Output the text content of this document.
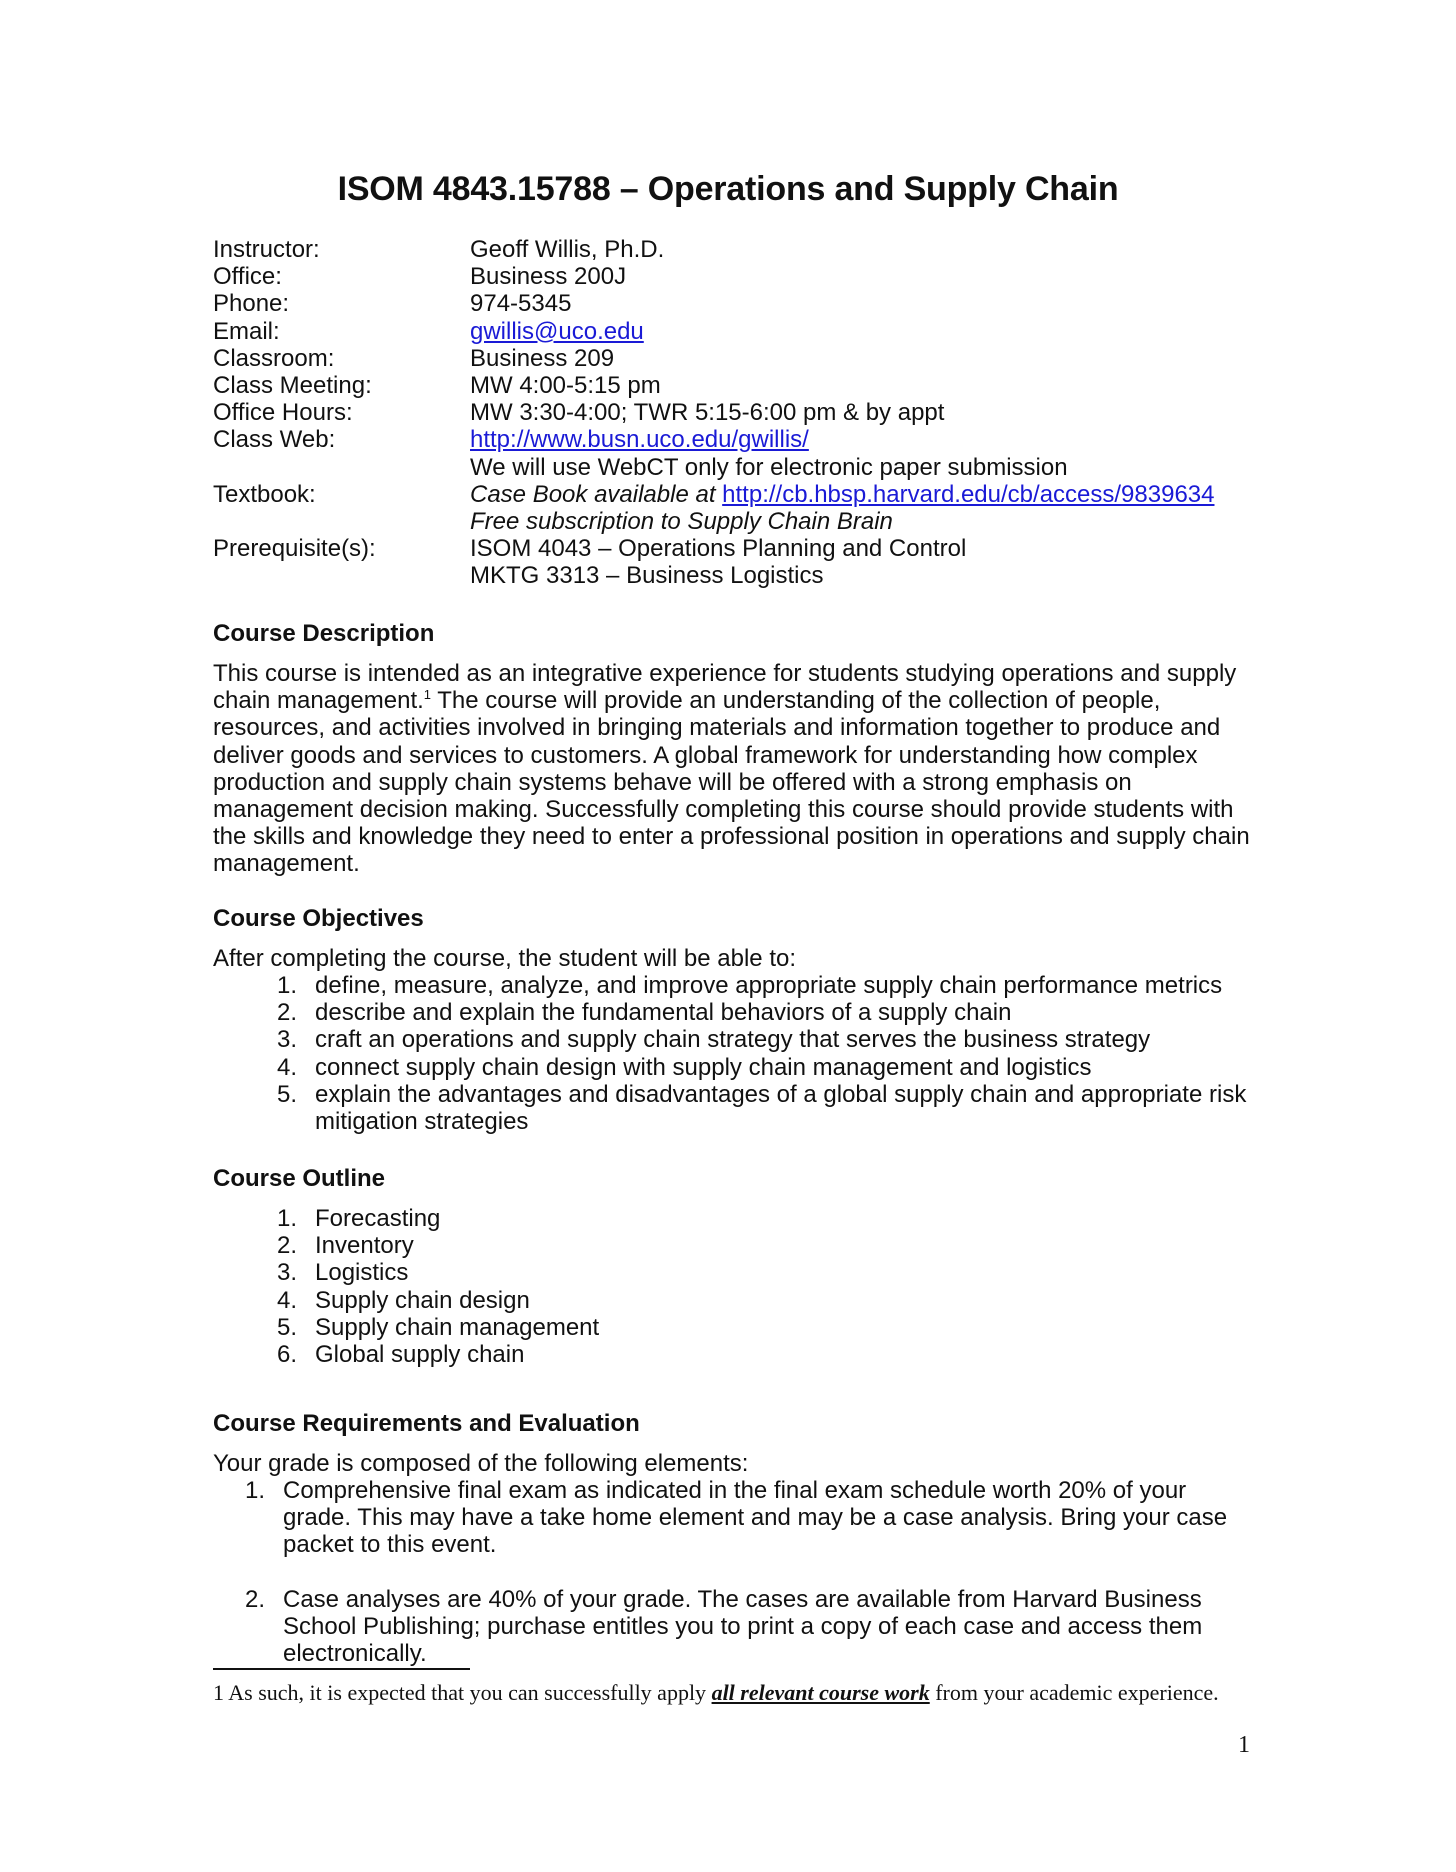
ISOM 4843.15788 – Operations and Supply Chain
Instructor:	Geoff Willis, Ph.D.
Office:	Business 200J
Phone:	974-5345
Email:	gwillis@uco.edu
Classroom:	Business 209
Class Meeting:	MW 4:00-5:15 pm
Office Hours:	MW 3:30-4:00; TWR 5:15-6:00 pm & by appt
Class Web:	http://www.busn.uco.edu/gwillis/
We will use WebCT only for electronic paper submission
Textbook:	Case Book available at http://cb.hbsp.harvard.edu/cb/access/9839634
Free subscription to Supply Chain Brain
Prerequisite(s):	ISOM 4043 – Operations Planning and Control
MKTG 3313 – Business Logistics
Course Description
This course is intended as an integrative experience for students studying operations and supply chain management.$^1$ The course will provide an understanding of the collection of people, resources, and activities involved in bringing materials and information together to produce and deliver goods and services to customers. A global framework for understanding how complex production and supply chain systems behave will be offered with a strong emphasis on management decision making. Successfully completing this course should provide students with the skills and knowledge they need to enter a professional position in operations and supply chain management.
Course Objectives
After completing the course, the student will be able to:
1. define, measure, analyze, and improve appropriate supply chain performance metrics
2. describe and explain the fundamental behaviors of a supply chain
3. craft an operations and supply chain strategy that serves the business strategy
4. connect supply chain design with supply chain management and logistics
5. explain the advantages and disadvantages of a global supply chain and appropriate risk mitigation strategies
Course Outline
1. Forecasting
2. Inventory
3. Logistics
4. Supply chain design
5. Supply chain management
6. Global supply chain
Course Requirements and Evaluation
Your grade is composed of the following elements:
1. Comprehensive final exam as indicated in the final exam schedule worth 20% of your grade. This may have a take home element and may be a case analysis. Bring your case packet to this event.
2. Case analyses are 40% of your grade. The cases are available from Harvard Business School Publishing; purchase entitles you to print a copy of each case and access them electronically.
1 As such, it is expected that you can successfully apply all relevant course work from your academic experience.
1
